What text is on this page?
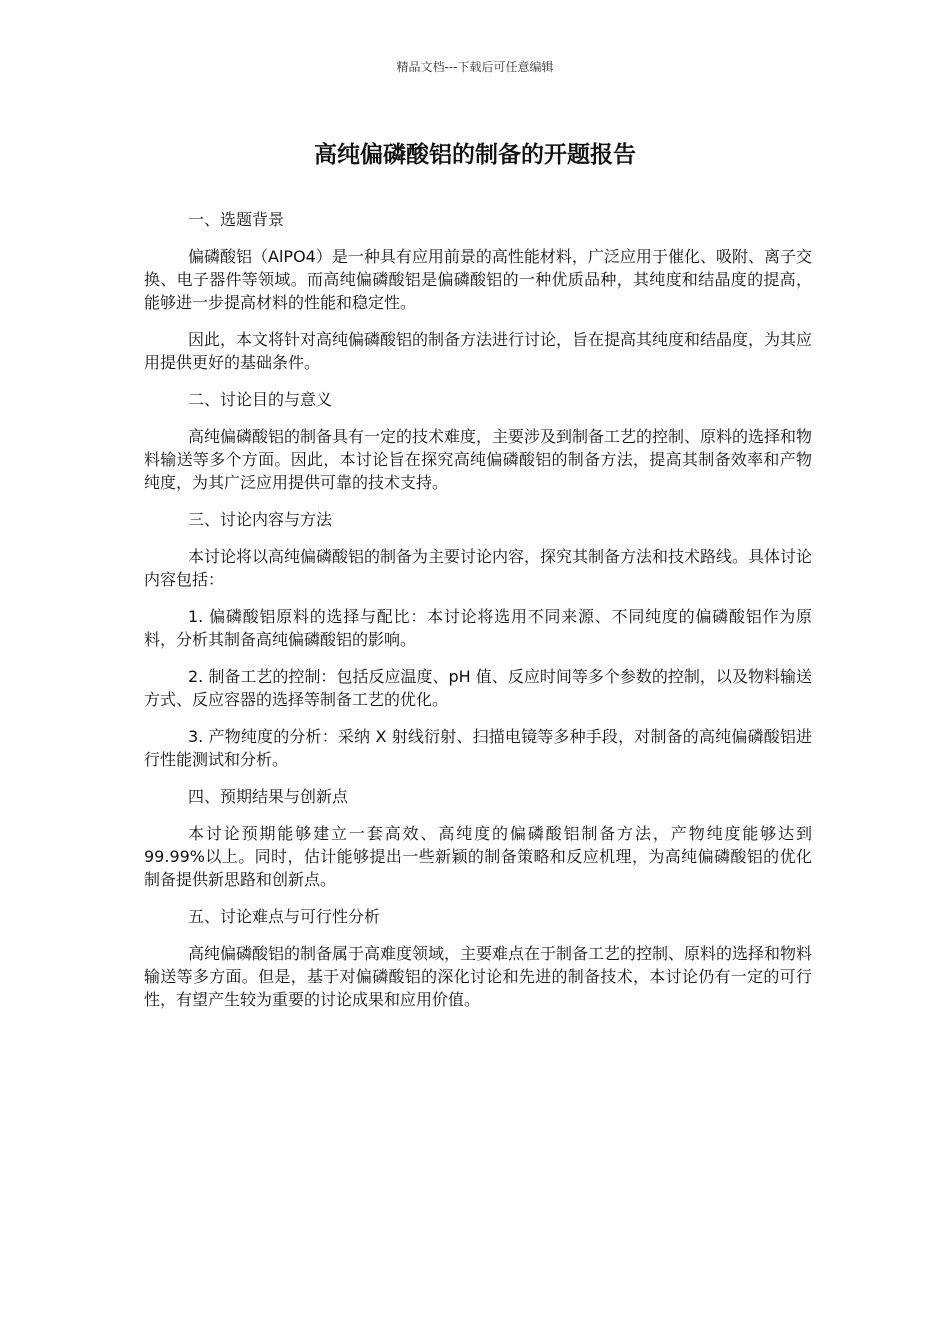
精品文档---下载后可任意编辑
高纯偏磷酸铝的制备的开题报告
一、选题背景

偏磷酸铝（AlPO4）是一种具有应用前景的高性能材料，广泛应用于催化、吸附、离子交换、电子器件等领域。而高纯偏磷酸铝是偏磷酸铝的一种优质品种，其纯度和结晶度的提高，能够进一步提高材料的性能和稳定性。

因此，本文将针对高纯偏磷酸铝的制备方法进行讨论，旨在提高其纯度和结晶度，为其应用提供更好的基础条件。

二、讨论目的与意义

高纯偏磷酸铝的制备具有一定的技术难度，主要涉及到制备工艺的控制、原料的选择和物料输送等多个方面。因此，本讨论旨在探究高纯偏磷酸铝的制备方法，提高其制备效率和产物纯度，为其广泛应用提供可靠的技术支持。

三、讨论内容与方法

本讨论将以高纯偏磷酸铝的制备为主要讨论内容，探究其制备方法和技术路线。具体讨论内容包括：

1. 偏磷酸铝原料的选择与配比：本讨论将选用不同来源、不同纯度的偏磷酸铝作为原料，分析其制备高纯偏磷酸铝的影响。

2. 制备工艺的控制：包括反应温度、pH 值、反应时间等多个参数的控制，以及物料输送方式、反应容器的选择等制备工艺的优化。

3. 产物纯度的分析：采纳 X 射线衍射、扫描电镜等多种手段，对制备的高纯偏磷酸铝进行性能测试和分析。

四、预期结果与创新点

本讨论预期能够建立一套高效、高纯度的偏磷酸铝制备方法，产物纯度能够达到 99.99%以上。同时，估计能够提出一些新颖的制备策略和反应机理，为高纯偏磷酸铝的优化制备提供新思路和创新点。

五、讨论难点与可行性分析

高纯偏磷酸铝的制备属于高难度领域，主要难点在于制备工艺的控制、原料的选择和物料输送等多方面。但是，基于对偏磷酸铝的深化讨论和先进的制备技术，本讨论仍有一定的可行性，有望产生较为重要的讨论成果和应用价值。
